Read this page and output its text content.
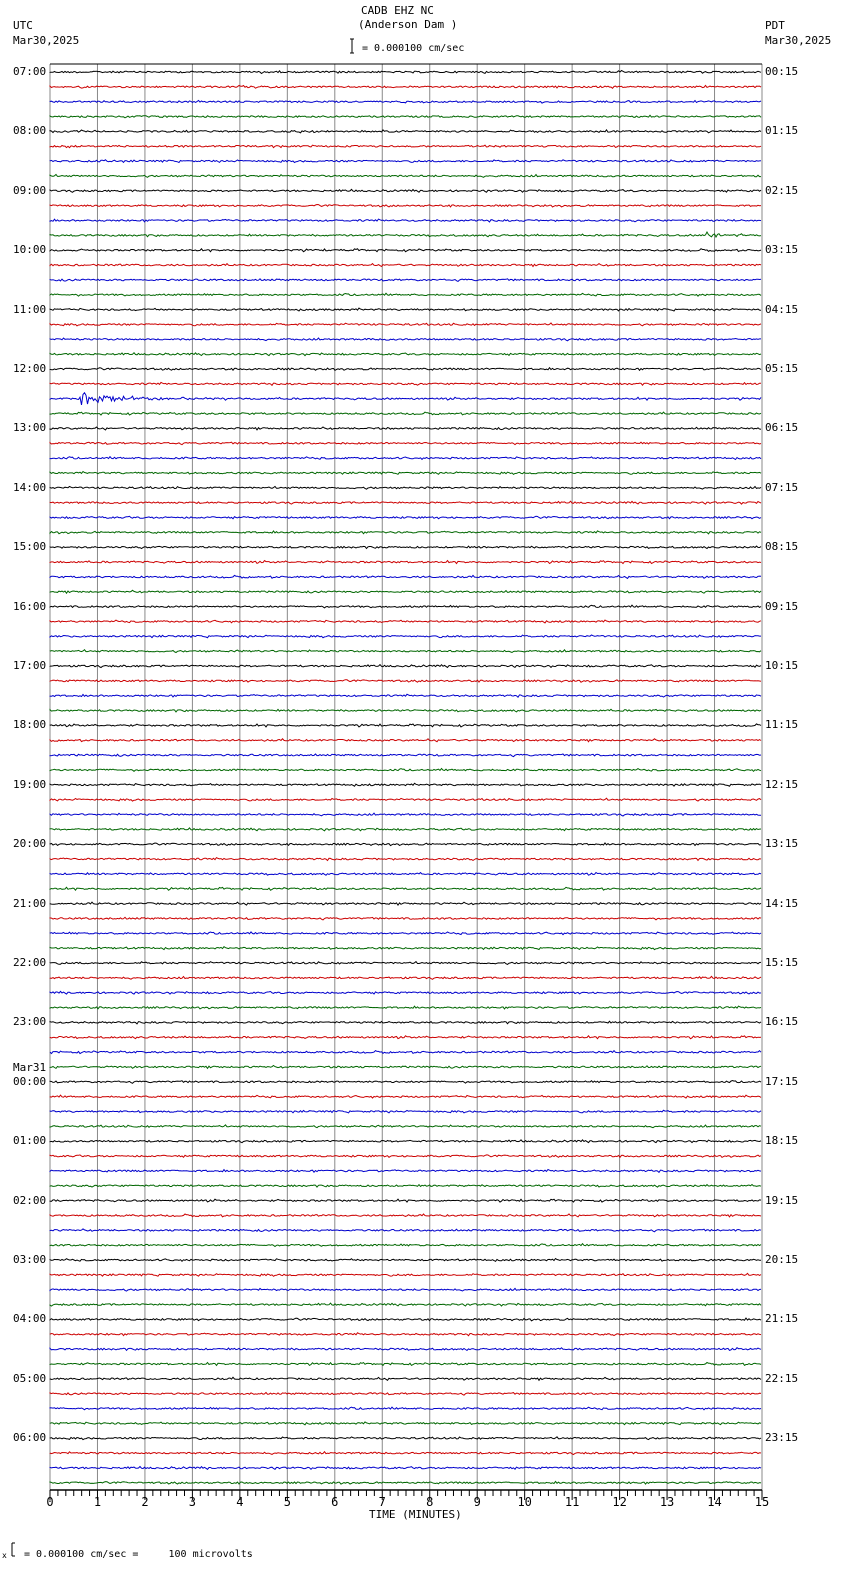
CADB EHZ NC
(Anderson Dam )
UTC
Mar30,2025
PDT
Mar30,2025
= 0.000100 cm/sec
x = 0.000100 cm/sec =     100 microvolts
TIME (MINUTES)
0	1	2	3	4	5	6	7	8	9	10	11	12	13	14	15
07:00
08:00
09:00
10:00
11:00
12:00
13:00
14:00
15:00
16:00
17:00
18:00
19:00
20:00
21:00
22:00
23:00
00:00
Mar31
01:00
02:00
03:00
04:00
05:00
06:00
00:15
01:15
02:15
03:15
04:15
05:15
06:15
07:15
08:15
09:15
10:15
11:15
12:15
13:15
14:15
15:15
16:15
17:15
18:15
19:15
20:15
21:15
22:15
23:15
